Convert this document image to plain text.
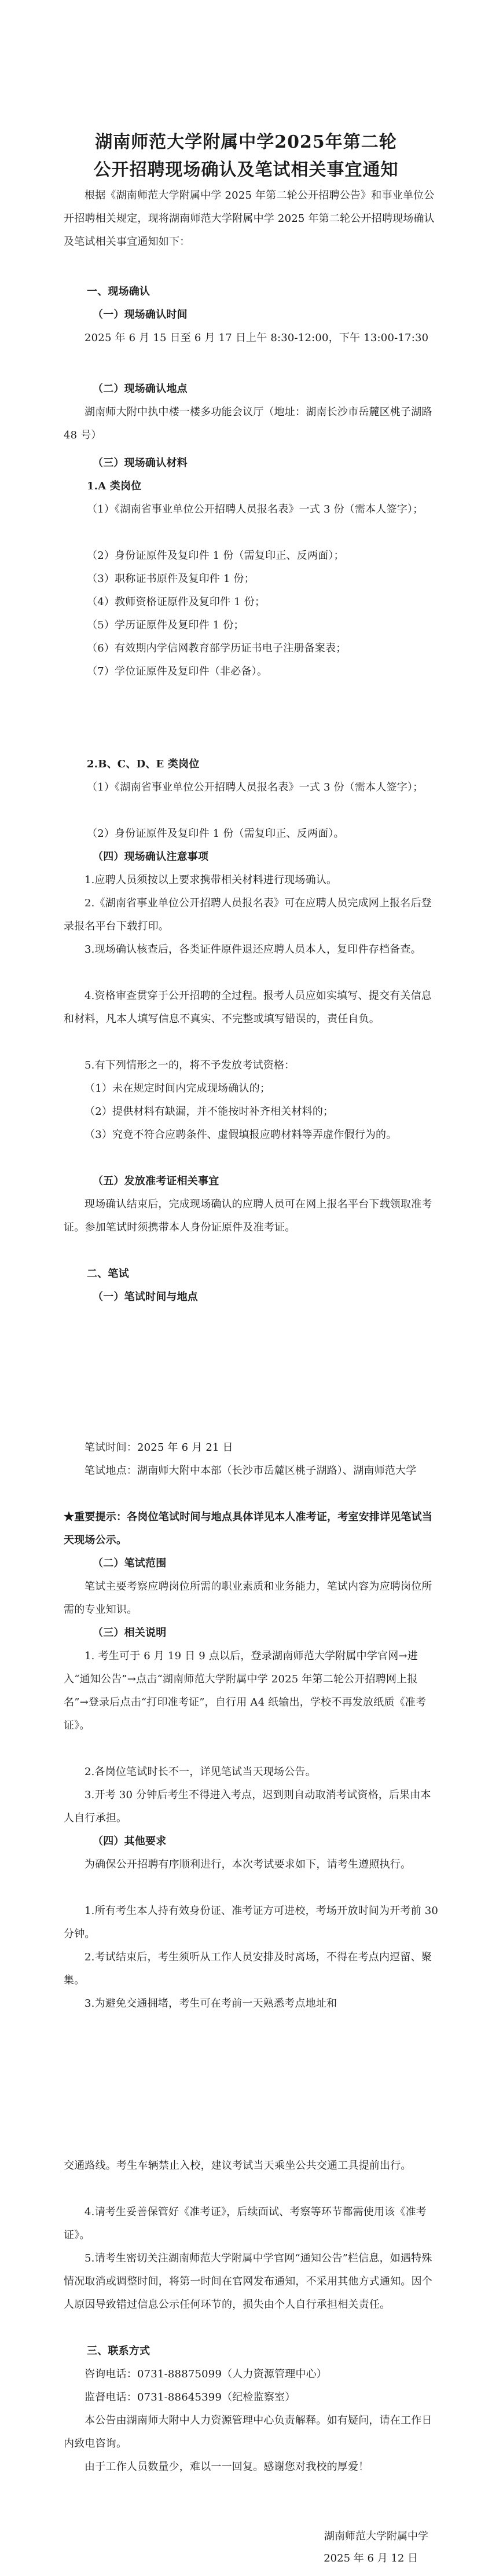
湖南师范大学附属中学2025年第二轮
公开招聘现场确认及笔试相关事宜通知
根据《湖南师范大学附属中学 2025 年第二轮公开招聘公告》和事业单位公开招聘相关规定，现将湖南师范大学附属中学 2025 年第二轮公开招聘现场确认及笔试相关事宜通知如下：
一、现场确认
（一）现场确认时间
2025 年 6 月 15 日至 6 月 17 日上午 8:30-12:00，下午 13:00-17:30
（二）现场确认地点
湖南师大附中执中楼一楼多功能会议厅（地址：湖南长沙市岳麓区桃子湖路 48 号）
（三）现场确认材料
1.A 类岗位
（1）《湖南省事业单位公开招聘人员报名表》一式 3 份（需本人签字）；
（2）身份证原件及复印件 1 份（需复印正、反两面）；
（3）职称证书原件及复印件 1 份；
（4）教师资格证原件及复印件 1 份；
（5）学历证原件及复印件 1 份；
（6）有效期内学信网教育部学历证书电子注册备案表；
（7）学位证原件及复印件（非必备）。
2.B、C、D、E 类岗位
（1）《湖南省事业单位公开招聘人员报名表》一式 3 份（需本人签字）；
（2）身份证原件及复印件 1 份（需复印正、反两面）。
（四）现场确认注意事项
1.应聘人员须按以上要求携带相关材料进行现场确认。
2.《湖南省事业单位公开招聘人员报名表》可在应聘人员完成网上报名后登录报名平台下载打印。
3.现场确认核查后，各类证件原件退还应聘人员本人，复印件存档备查。
4.资格审查贯穿于公开招聘的全过程。报考人员应如实填写、提交有关信息和材料，凡本人填写信息不真实、不完整或填写错误的，责任自负。
5.有下列情形之一的，将不予发放考试资格：
（1）未在规定时间内完成现场确认的；
（2）提供材料有缺漏，并不能按时补齐相关材料的；
（3）究竟不符合应聘条件、虚假填报应聘材料等弄虚作假行为的。
（五）发放准考证相关事宜
现场确认结束后，完成现场确认的应聘人员可在网上报名平台下载领取准考证。参加笔试时须携带本人身份证原件及准考证。
二、笔试
（一）笔试时间与地点
笔试时间：2025 年 6 月 21 日
笔试地点：湖南师大附中本部（长沙市岳麓区桃子湖路）、湖南师范大学
★重要提示：各岗位笔试时间与地点具体详见本人准考证，考室安排详见笔试当天现场公示。
（二）笔试范围
笔试主要考察应聘岗位所需的职业素质和业务能力，笔试内容为应聘岗位所需的专业知识。
（三）相关说明
1. 考生可于 6 月 19 日 9 点以后，登录湖南师范大学附属中学官网→进入“通知公告”→点击“湖南师范大学附属中学 2025 年第二轮公开招聘网上报名”→登录后点击“打印准考证”，自行用 A4 纸输出，学校不再发放纸质《准考证》。
2.各岗位笔试时长不一，详见笔试当天现场公告。
3.开考 30 分钟后考生不得进入考点，迟到则自动取消考试资格，后果由本人自行承担。
（四）其他要求
为确保公开招聘有序顺利进行，本次考试要求如下，请考生遵照执行。
1.所有考生本人持有效身份证、准考证方可进校，考场开放时间为开考前 30 分钟。
2.考试结束后，考生须听从工作人员安排及时离场，不得在考点内逗留、聚集。
3.为避免交通拥堵，考生可在考前一天熟悉考点地址和
交通路线。考生车辆禁止入校，建议考试当天乘坐公共交通工具提前出行。
4.请考生妥善保管好《准考证》，后续面试、考察等环节都需使用该《准考证》。
5.请考生密切关注湖南师范大学附属中学官网“通知公告”栏信息，如遇特殊情况取消或调整时间，将第一时间在官网发布通知，不采用其他方式通知。因个人原因导致错过信息公示任何环节的，损失由个人自行承担相关责任。
三、联系方式
咨询电话：0731-88875099（人力资源管理中心）
监督电话：0731-88645399（纪检监察室）
本公告由湖南师大附中人力资源管理中心负责解释。如有疑问，请在工作日内致电咨询。
由于工作人员数量少，难以一一回复。感谢您对我校的厚爱！
湖南师范大学附属中学
2025 年 6 月 12 日
